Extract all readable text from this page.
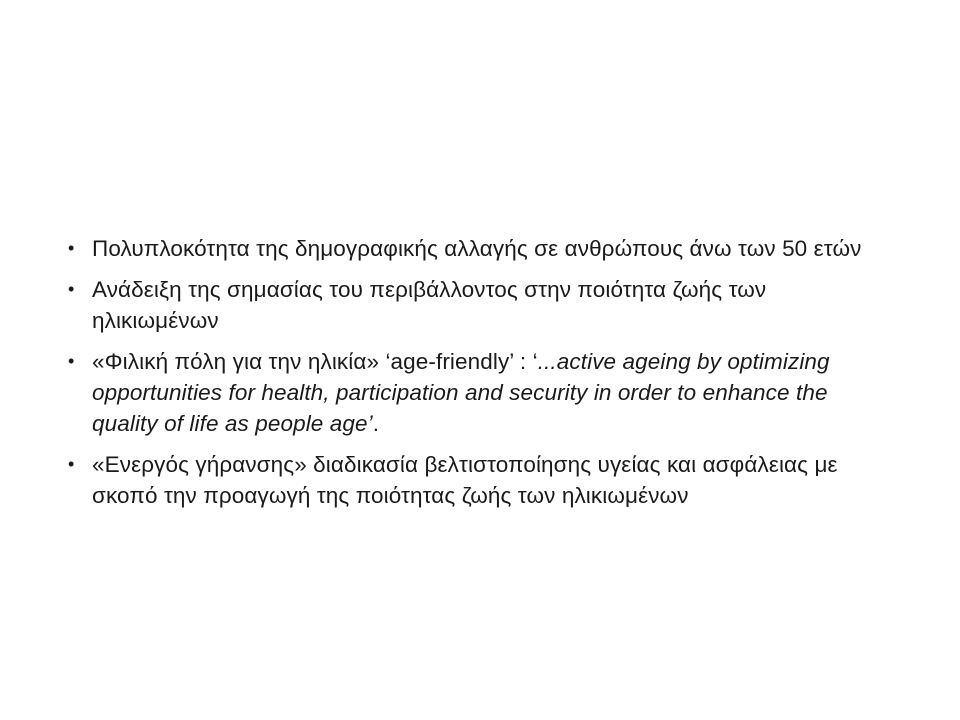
• Πολυπλοκότητα της δημογραφικής αλλαγής σε ανθρώπους άνω των 50 ετών
• Ανάδειξη της σημασίας του περιβάλλοντος στην ποιότητα ζωής των ηλικιωμένων
• «Φιλική πόλη για την ηλικία» ‘age-friendly’ : ‘...active ageing by optimizing opportunities for health, participation and security in order to enhance the quality of life as people age’.
• «Ενεργός γήρανσης» διαδικασία βελτιστοποίησης υγείας και ασφάλειας με σκοπό την προαγωγή της ποιότητας ζωής των ηλικιωμένων
